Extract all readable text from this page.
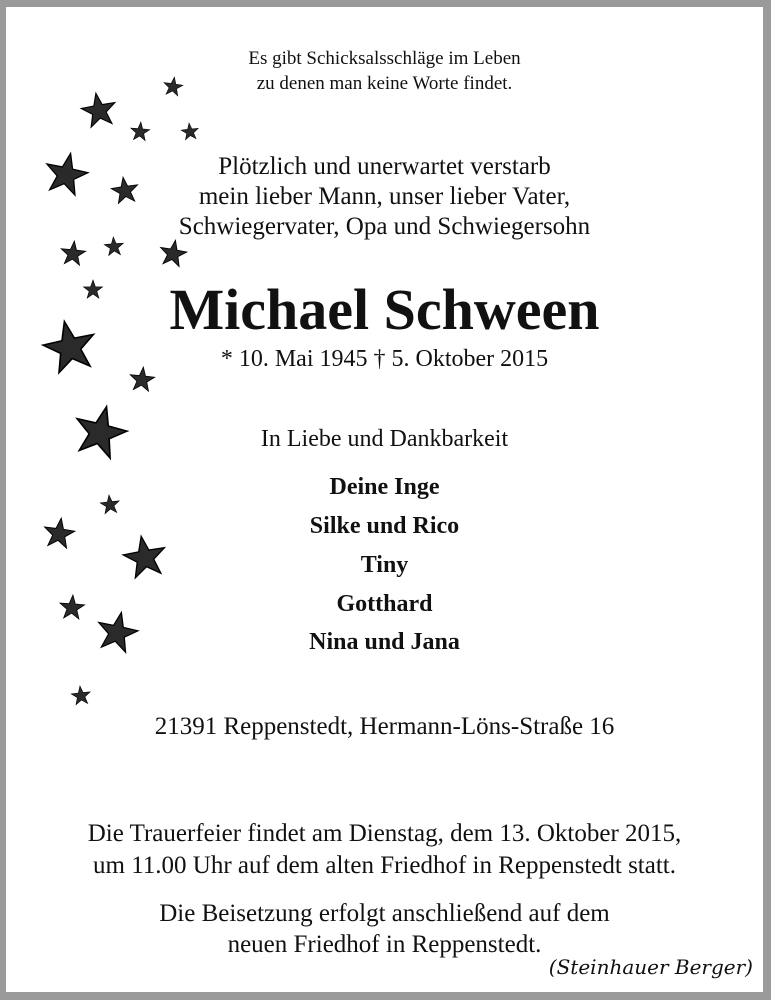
Es gibt Schicksalsschläge im Leben
zu denen man keine Worte findet.
Plötzlich und unerwartet verstarb
mein lieber Mann, unser lieber Vater,
Schwiegervater, Opa und Schwiegersohn
Michael Schween
* 10. Mai 1945 † 5. Oktober 2015
In Liebe und Dankbarkeit
Deine Inge
Silke und Rico
Tiny
Gotthard
Nina und Jana
21391 Reppenstedt, Hermann-Löns-Straße 16
Die Trauerfeier findet am Dienstag, dem 13. Oktober 2015,
um 11.00 Uhr auf dem alten Friedhof in Reppenstedt statt.
Die Beisetzung erfolgt anschließend auf dem
neuen Friedhof in Reppenstedt.
(Steinhauer Berger)
